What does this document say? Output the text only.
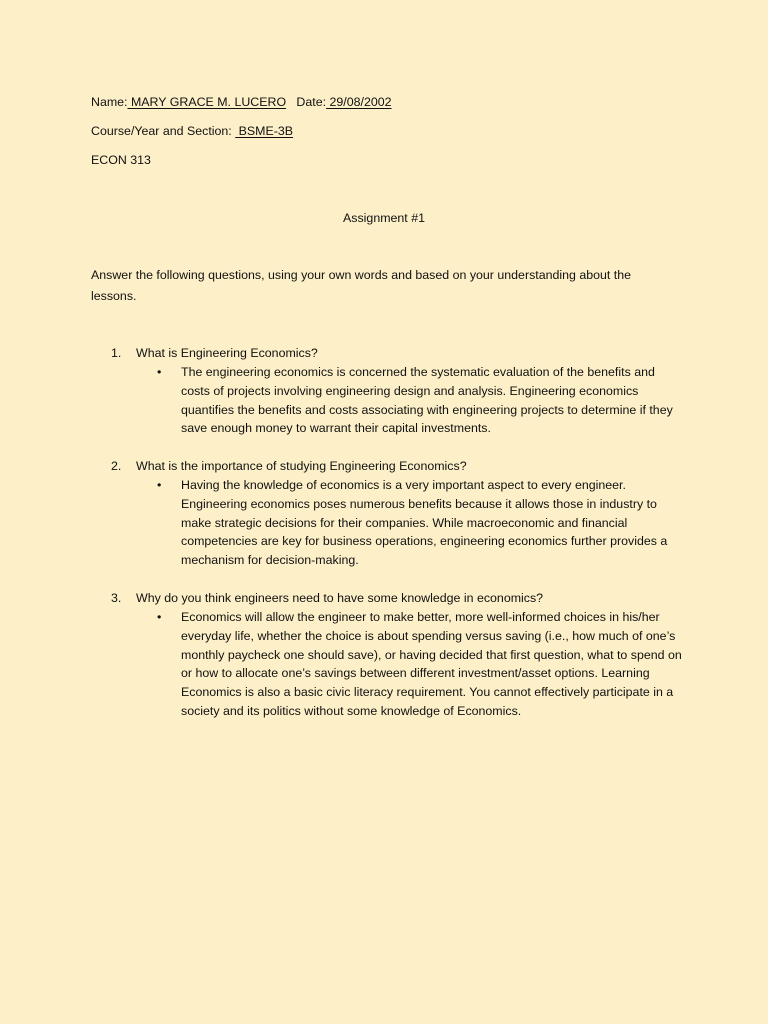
Name: MARY GRACE M. LUCERO Date: 29/08/2002
Course/Year and Section:  BSME-3B
ECON 313
Assignment #1
Answer the following questions, using your own words and based on your understanding about the lessons.
1.	What is Engineering Economics?
• The engineering economics is concerned the systematic evaluation of the benefits and costs of projects involving engineering design and analysis. Engineering economics quantifies the benefits and costs associating with engineering projects to determine if they save enough money to warrant their capital investments.
2.	What is the importance of studying Engineering Economics?
• Having the knowledge of economics is a very important aspect to every engineer. Engineering economics poses numerous benefits because it allows those in industry to make strategic decisions for their companies. While macroeconomic and financial competencies are key for business operations, engineering economics further provides a mechanism for decision-making.
3.	Why do you think engineers need to have some knowledge in economics?
• Economics will allow the engineer to make better, more well-informed choices in his/her everyday life, whether the choice is about spending versus saving (i.e., how much of one’s monthly paycheck one should save), or having decided that first question, what to spend on or how to allocate one’s savings between different investment/asset options. Learning Economics is also a basic civic literacy requirement. You cannot effectively participate in a society and its politics without some knowledge of Economics.
